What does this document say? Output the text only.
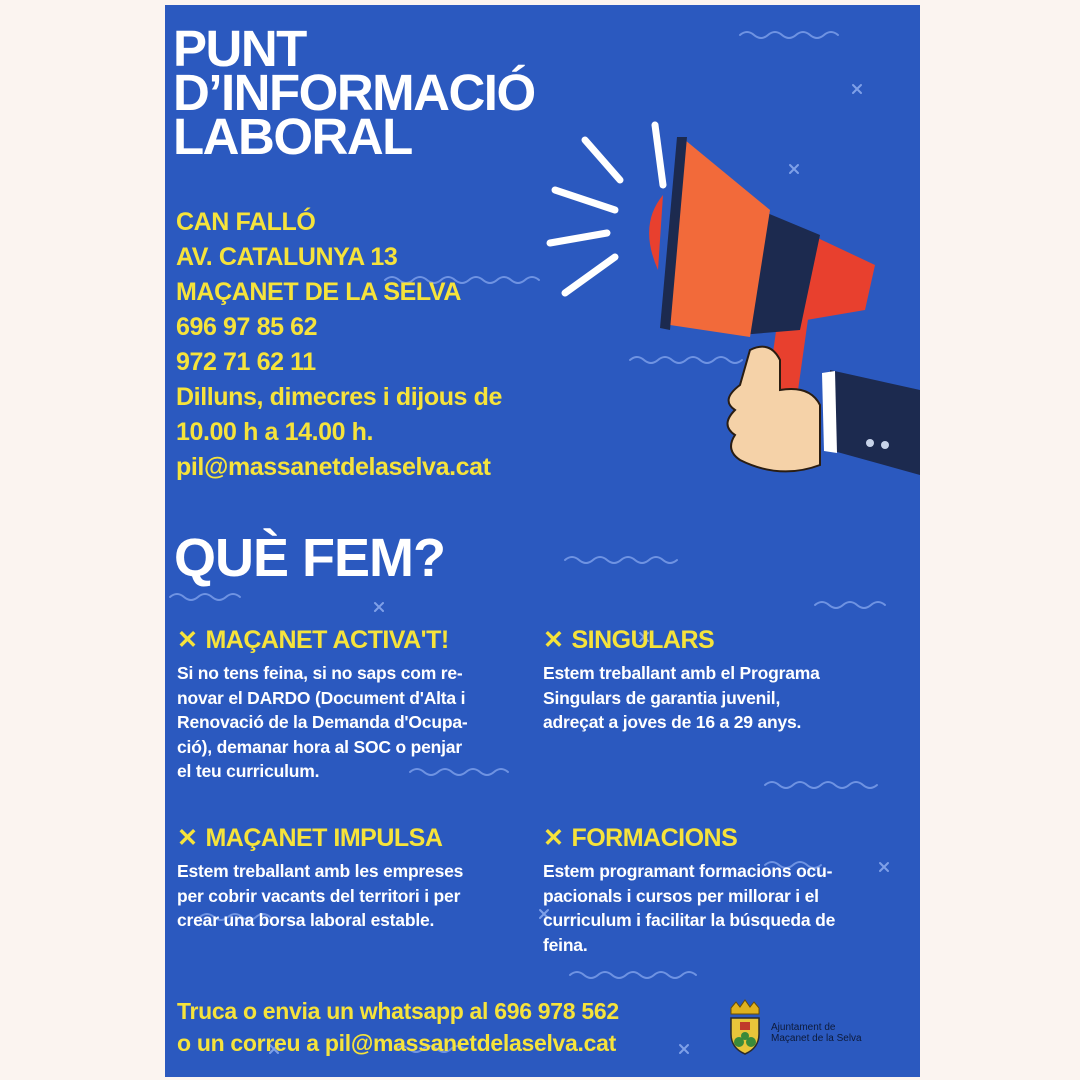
PUNT
D’INFORMACIÓ
LABORAL
CAN FALLÓ
AV. CATALUNYA 13
MAÇANET DE LA SELVA
696 97 85 62
972 71 62 11
Dilluns, dimecres i dijous de
10.00 h a 14.00 h.
pil@massanetdelaselva.cat
QUÈ FEM?
✕ MAÇANET ACTIVA'T!
Si no tens feina, si no saps com re-
novar el DARDO (Document d'Alta i
Renovació de la Demanda d'Ocupa-
ció), demanar hora al SOC o penjar
el teu curriculum.
✕ SINGULARS
Estem treballant amb el Programa
Singulars de garantia juvenil,
adreçat a joves de 16 a 29 anys.
✕ MAÇANET IMPULSA
Estem treballant amb les empreses
per cobrir vacants del territori i per
crear una borsa laboral estable.
✕ FORMACIONS
Estem programant formacions ocu-
pacionals i cursos per millorar i el
curriculum i facilitar la búsqueda de
feina.
Truca o envia un whatsapp al 696 978 562
o un correu a pil@massanetdelaselva.cat
Ajuntament de
Maçanet de la Selva
